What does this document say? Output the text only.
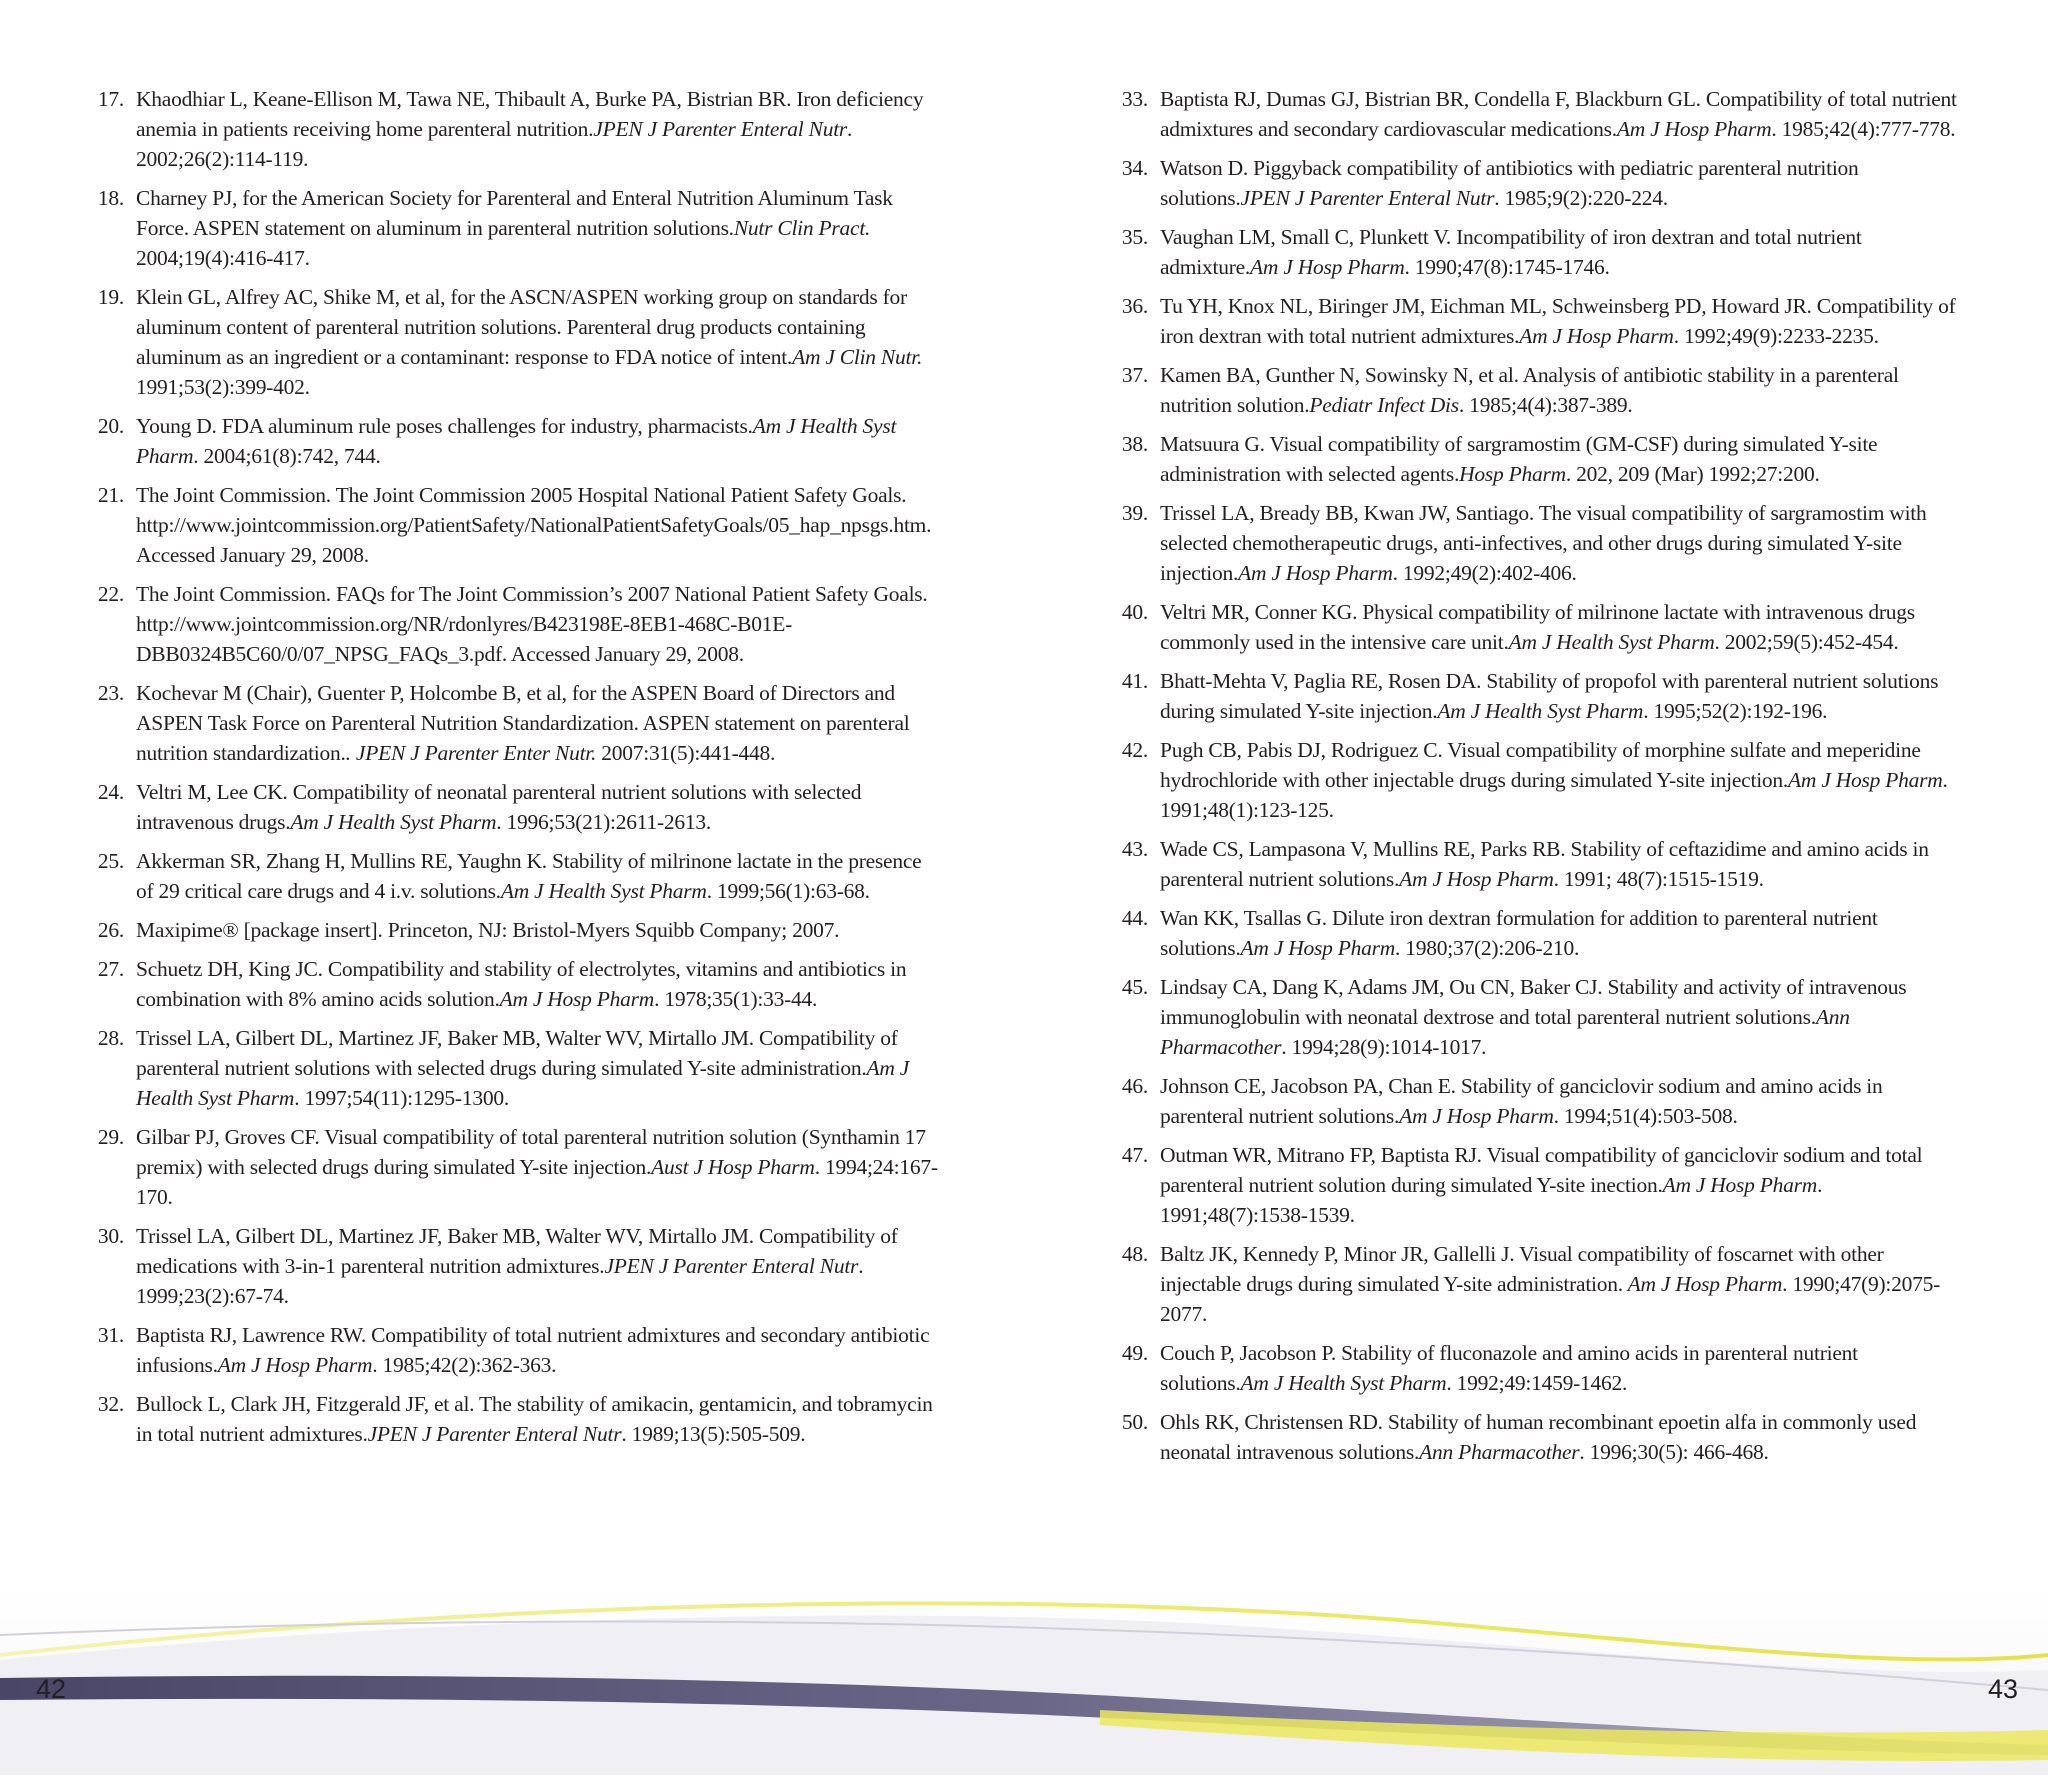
17. Khaodhiar L, Keane-Ellison M, Tawa NE, Thibault A, Burke PA, Bistrian BR. Iron deficiency anemia in patients receiving home parenteral nutrition.JPEN J Parenter Enteral Nutr. 2002;26(2):114-119.
18. Charney PJ, for the American Society for Parenteral and Enteral Nutrition Aluminum Task Force. ASPEN statement on aluminum in parenteral nutrition solutions.Nutr Clin Pract. 2004;19(4):416-417.
19. Klein GL, Alfrey AC, Shike M, et al, for the ASCN/ASPEN working group on standards for aluminum content of parenteral nutrition solutions. Parenteral drug products containing aluminum as an ingredient or a contaminant: response to FDA notice of intent.Am J Clin Nutr. 1991;53(2):399-402.
20. Young D. FDA aluminum rule poses challenges for industry, pharmacists.Am J Health Syst Pharm. 2004;61(8):742, 744.
21. The Joint Commission. The Joint Commission 2005 Hospital National Patient Safety Goals. http://www.jointcommission.org/PatientSafety/NationalPatientSafetyGoals/05_hap_npsgs.htm. Accessed January 29, 2008.
22. The Joint Commission. FAQs for The Joint Commission’s 2007 National Patient Safety Goals. http://www.jointcommission.org/NR/rdonlyres/B423198E-8EB1-468C-B01E-DBB0324B5C60/0/07_NPSG_FAQs_3.pdf. Accessed January 29, 2008.
23. Kochevar M (Chair), Guenter P, Holcombe B, et al, for the ASPEN Board of Directors and ASPEN Task Force on Parenteral Nutrition Standardization. ASPEN statement on parenteral nutrition standardization.. JPEN J Parenter Enter Nutr. 2007:31(5):441-448.
24. Veltri M, Lee CK. Compatibility of neonatal parenteral nutrient solutions with selected intravenous drugs.Am J Health Syst Pharm. 1996;53(21):2611-2613.
25. Akkerman SR, Zhang H, Mullins RE, Yaughn K. Stability of milrinone lactate in the presence of 29 critical care drugs and 4 i.v. solutions.Am J Health Syst Pharm. 1999;56(1):63-68.
26. Maxipime® [package insert]. Princeton, NJ: Bristol-Myers Squibb Company; 2007.
27. Schuetz DH, King JC. Compatibility and stability of electrolytes, vitamins and antibiotics in combination with 8% amino acids solution.Am J Hosp Pharm. 1978;35(1):33-44.
28. Trissel LA, Gilbert DL, Martinez JF, Baker MB, Walter WV, Mirtallo JM. Compatibility of parenteral nutrient solutions with selected drugs during simulated Y-site administration.Am J Health Syst Pharm. 1997;54(11):1295-1300.
29. Gilbar PJ, Groves CF. Visual compatibility of total parenteral nutrition solution (Synthamin 17 premix) with selected drugs during simulated Y-site injection.Aust J Hosp Pharm. 1994;24:167-170.
30. Trissel LA, Gilbert DL, Martinez JF, Baker MB, Walter WV, Mirtallo JM. Compatibility of medications with 3-in-1 parenteral nutrition admixtures.JPEN J Parenter Enteral Nutr. 1999;23(2):67-74.
31. Baptista RJ, Lawrence RW. Compatibility of total nutrient admixtures and secondary antibiotic infusions.Am J Hosp Pharm. 1985;42(2):362-363.
32. Bullock L, Clark JH, Fitzgerald JF, et al. The stability of amikacin, gentamicin, and tobramycin in total nutrient admixtures.JPEN J Parenter Enteral Nutr. 1989;13(5):505-509.
33. Baptista RJ, Dumas GJ, Bistrian BR, Condella F, Blackburn GL. Compatibility of total nutrient admixtures and secondary cardiovascular medications.Am J Hosp Pharm. 1985;42(4):777-778.
34. Watson D. Piggyback compatibility of antibiotics with pediatric parenteral nutrition solutions.JPEN J Parenter Enteral Nutr. 1985;9(2):220-224.
35. Vaughan LM, Small C, Plunkett V. Incompatibility of iron dextran and total nutrient admixture.Am J Hosp Pharm. 1990;47(8):1745-1746.
36. Tu YH, Knox NL, Biringer JM, Eichman ML, Schweinsberg PD, Howard JR. Compatibility of iron dextran with total nutrient admixtures.Am J Hosp Pharm. 1992;49(9):2233-2235.
37. Kamen BA, Gunther N, Sowinsky N, et al. Analysis of antibiotic stability in a parenteral nutrition solution.Pediatr Infect Dis. 1985;4(4):387-389.
38. Matsuura G. Visual compatibility of sargramostim (GM-CSF) during simulated Y-site administration with selected agents.Hosp Pharm. 202, 209 (Mar) 1992;27:200.
39. Trissel LA, Bready BB, Kwan JW, Santiago. The visual compatibility of sargramostim with selected chemotherapeutic drugs, anti-infectives, and other drugs during simulated Y-site injection.Am J Hosp Pharm. 1992;49(2):402-406.
40. Veltri MR, Conner KG. Physical compatibility of milrinone lactate with intravenous drugs commonly used in the intensive care unit.Am J Health Syst Pharm. 2002;59(5):452-454.
41. Bhatt-Mehta V, Paglia RE, Rosen DA. Stability of propofol with parenteral nutrient solutions during simulated Y-site injection.Am J Health Syst Pharm. 1995;52(2):192-196.
42. Pugh CB, Pabis DJ, Rodriguez C. Visual compatibility of morphine sulfate and meperidine hydrochloride with other injectable drugs during simulated Y-site injection.Am J Hosp Pharm. 1991;48(1):123-125.
43. Wade CS, Lampasona V, Mullins RE, Parks RB. Stability of ceftazidime and amino acids in parenteral nutrient solutions.Am J Hosp Pharm. 1991; 48(7):1515-1519.
44. Wan KK, Tsallas G. Dilute iron dextran formulation for addition to parenteral nutrient solutions.Am J Hosp Pharm. 1980;37(2):206-210.
45. Lindsay CA, Dang K, Adams JM, Ou CN, Baker CJ. Stability and activity of intravenous immunoglobulin with neonatal dextrose and total parenteral nutrient solutions.Ann Pharmacother. 1994;28(9):1014-1017.
46. Johnson CE, Jacobson PA, Chan E. Stability of ganciclovir sodium and amino acids in parenteral nutrient solutions.Am J Hosp Pharm. 1994;51(4):503-508.
47. Outman WR, Mitrano FP, Baptista RJ. Visual compatibility of ganciclovir sodium and total parenteral nutrient solution during simulated Y-site inection.Am J Hosp Pharm. 1991;48(7):1538-1539.
48. Baltz JK, Kennedy P, Minor JR, Gallelli J. Visual compatibility of foscarnet with other injectable drugs during simulated Y-site administration. Am J Hosp Pharm. 1990;47(9):2075-2077.
49. Couch P, Jacobson P. Stability of fluconazole and amino acids in parenteral nutrient solutions.Am J Health Syst Pharm. 1992;49:1459-1462.
50. Ohls RK, Christensen RD. Stability of human recombinant epoetin alfa in commonly used neonatal intravenous solutions.Ann Pharmacother. 1996;30(5): 466-468.
42	43
